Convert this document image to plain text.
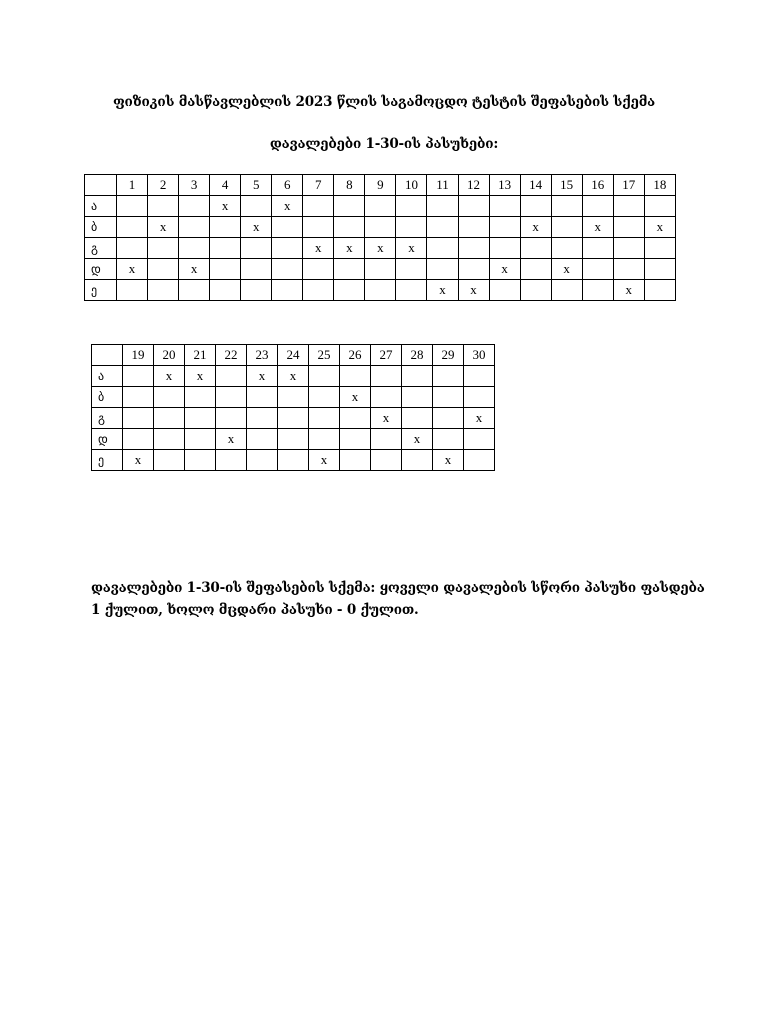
ფიზიკის მასწავლებლის 2023 წლის საგამოცდო ტესტის შეფასების სქემა
დავალებები 1-30-ის პასუხები:
	1	2	3	4	5	6	7	8	9	10	11	12	13	14	15	16	17	18
ა				x		x												
ბ		x			x									x		x		x
გ							x	x	x	x								
დ	x		x										x		x			
ე											x	x					x	
	19	20	21	22	23	24	25	26	27	28	29	30
ა		x	x		x	x						
ბ								x				
გ									x			x
დ				x						x		
ე	x						x				x	
დავალებები 1-30-ის შეფასების სქემა: ყოველი დავალების სწორი პასუხი ფასდება
1 ქულით, ხოლო მცდარი პასუხი - 0 ქულით.
